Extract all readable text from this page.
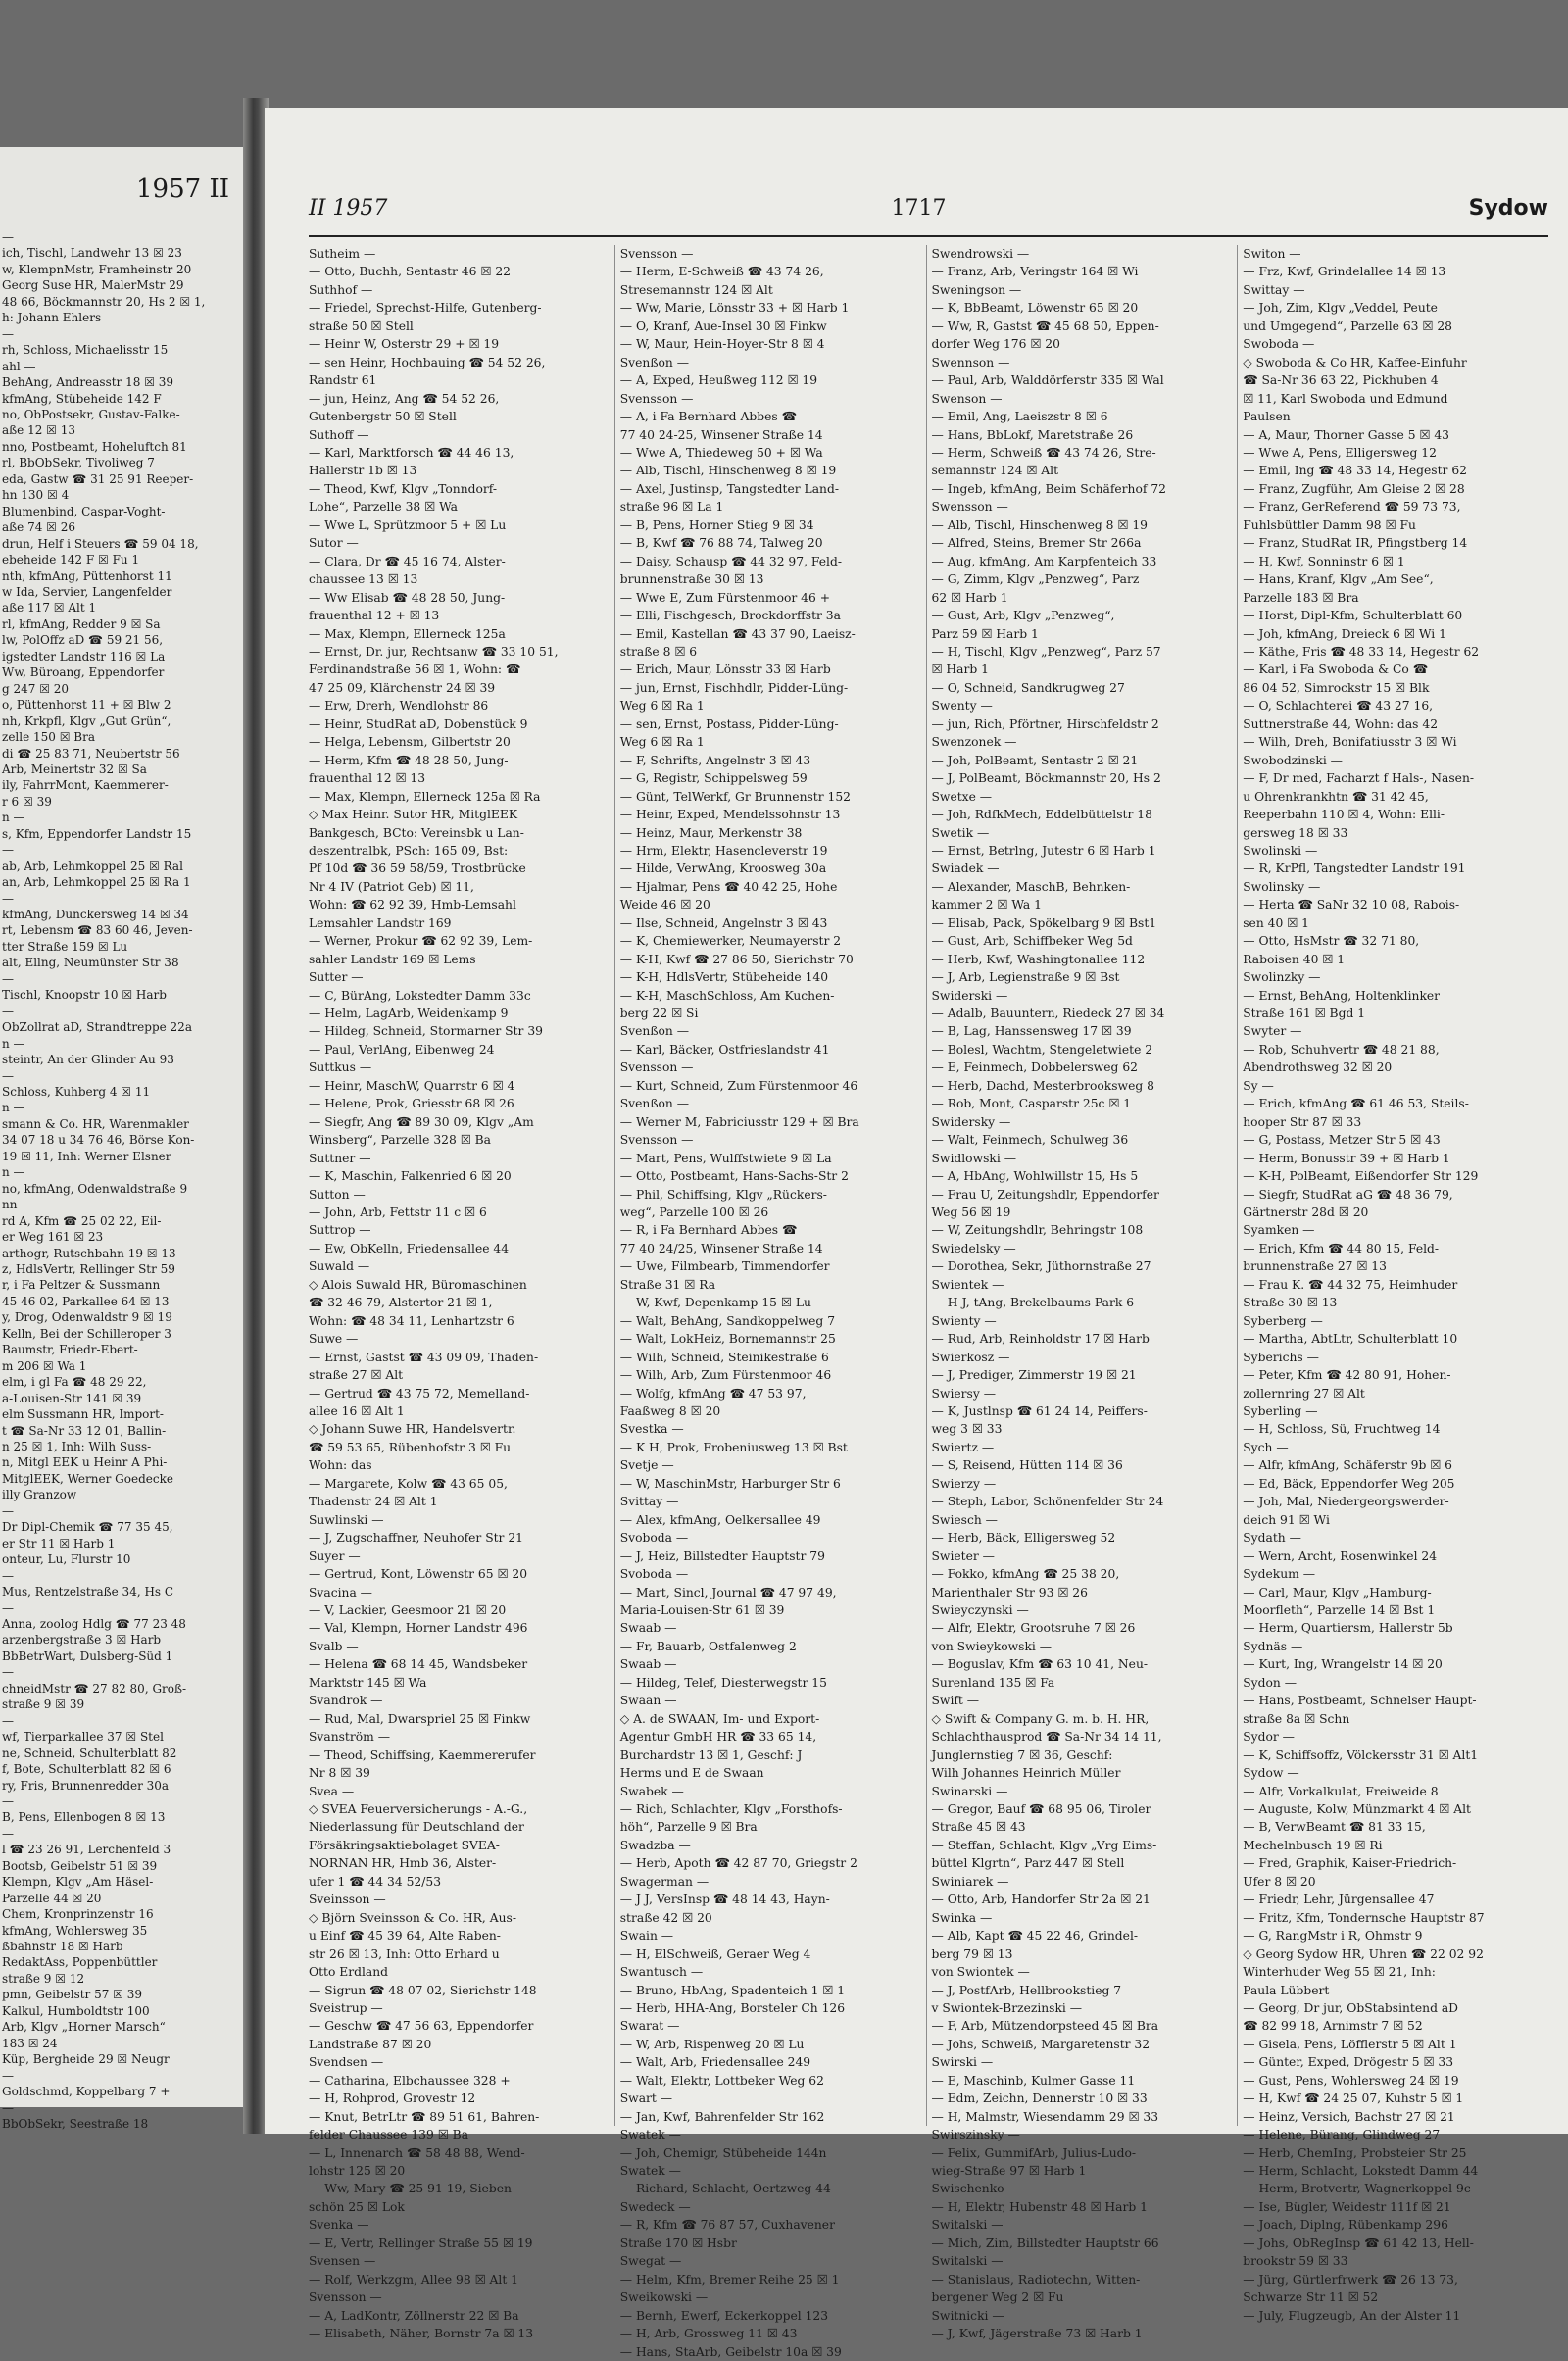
1957 II
—
ich, Tischl, Landwehr 13 ☒ 23
w, KlempnMstr, Framheinstr 20
Georg Suse HR, MalerMstr 29
48 66, Böckmannstr 20, Hs 2 ☒ 1,
h: Johann Ehlers
—
rh, Schloss, Michaelisstr 15
ahl —
BehAng, Andreasstr 18 ☒ 39
kfmAng, Stübeheide 142 F
no, ObPostsekr, Gustav-Falke-
aße 12 ☒ 13
nno, Postbeamt, Hoheluftch 81
rl, BbObSekr, Tivoliweg 7
eda, Gastw ☎ 31 25 91 Reeper-
hn 130 ☒ 4
Blumenbind, Caspar-Voght-
aße 74 ☒ 26
drun, Helf i Steuers ☎ 59 04 18,
ebeheide 142 F ☒ Fu 1
nth, kfmAng, Püttenhorst 11
w Ida, Servier, Langenfelder
aße 117 ☒ Alt 1
rl, kfmAng, Redder 9 ☒ Sa
lw, PolOffz aD ☎ 59 21 56,
igstedter Landstr 116 ☒ La
Ww, Büroang, Eppendorfer
g 247 ☒ 20
o, Püttenhorst 11 + ☒ Blw 2
nh, Krkpfl, Klgv „Gut Grün“,
zelle 150 ☒ Bra
di ☎ 25 83 71, Neubertstr 56
Arb, Meinertstr 32 ☒ Sa
ily, FahrrMont, Kaemmerer-
r 6 ☒ 39
n —
s, Kfm, Eppendorfer Landstr 15
—
ab, Arb, Lehmkoppel 25 ☒ Ral
an, Arb, Lehmkoppel 25 ☒ Ra 1
—
kfmAng, Dunckersweg 14 ☒ 34
rt, Lebensm ☎ 83 60 46, Jeven-
tter Straße 159 ☒ Lu
alt, Ellng, Neumünster Str 38
—
Tischl, Knoopstr 10 ☒ Harb
—
ObZollrat aD, Strandtreppe 22a
n —
steintr, An der Glinder Au 93
—
Schloss, Kuhberg 4 ☒ 11
n —
smann & Co. HR, Warenmakler
34 07 18 u 34 76 46, Börse Kon-
19 ☒ 11, Inh: Werner Elsner
n —
no, kfmAng, Odenwaldstraße 9
nn —
rd A, Kfm ☎ 25 02 22, Eil-
er Weg 161 ☒ 23
arthogr, Rutschbahn 19 ☒ 13
z, HdlsVertr, Rellinger Str 59
r, i Fa Peltzer & Sussmann
45 46 02, Parkallee 64 ☒ 13
y, Drog, Odenwaldstr 9 ☒ 19
Kelln, Bei der Schilleroper 3
Baumstr, Friedr-Ebert-
m 206 ☒ Wa 1
elm, i gl Fa ☎ 48 29 22,
a-Louisen-Str 141 ☒ 39
elm Sussmann HR, Import-
t ☎ Sa-Nr 33 12 01, Ballin-
n 25 ☒ 1, Inh: Wilh Suss-
n, Mitgl EEK u Heinr A Phi-
MitglEEK, Werner Goedecke
illy Granzow
—
Dr Dipl-Chemik ☎ 77 35 45,
er Str 11 ☒ Harb 1
onteur, Lu, Flurstr 10
—
Mus, Rentzelstraße 34, Hs C
—
Anna, zoolog Hdlg ☎ 77 23 48
arzenbergstraße 3 ☒ Harb
BbBetrWart, Dulsberg-Süd 1
—
chneidMstr ☎ 27 82 80, Groß-
straße 9 ☒ 39
—
wf, Tierparkallee 37 ☒ Stel
ne, Schneid, Schulterblatt 82
f, Bote, Schulterblatt 82 ☒ 6
ry, Fris, Brunnenredder 30a
—
B, Pens, Ellenbogen 8 ☒ 13
—
l ☎ 23 26 91, Lerchenfeld 3
Bootsb, Geibelstr 51 ☒ 39
Klempn, Klgv „Am Häsel-
Parzelle 44 ☒ 20
Chem, Kronprinzenstr 16
kfmAng, Wohlersweg 35
ßbahnstr 18 ☒ Harb
RedaktAss, Poppenbüttler
straße 9 ☒ 12
pmn, Geibelstr 57 ☒ 39
Kalkul, Humboldtstr 100
Arb, Klgv „Horner Marsch“
183 ☒ 24
Küp, Bergheide 29 ☒ Neugr
—
Goldschmd, Koppelbarg 7 +
—
BbObSekr, Seestraße 18
II 1957	1717	Sydow
Sutheim —
— Otto, Buchh, Sentastr 46 ☒ 22
Suthhof —
— Friedel, Sprechst-Hilfe, Gutenberg-
straße 50 ☒ Stell
— Heinr W, Osterstr 29 + ☒ 19
— sen Heinr, Hochbauing ☎ 54 52 26,
Randstr 61
— jun, Heinz, Ang ☎ 54 52 26,
Gutenbergstr 50 ☒ Stell
Suthoff —
— Karl, Marktforsch ☎ 44 46 13,
Hallerstr 1b ☒ 13
— Theod, Kwf, Klgv „Tonndorf-
Lohe“, Parzelle 38 ☒ Wa
— Wwe L, Sprützmoor 5 + ☒ Lu
Sutor —
— Clara, Dr ☎ 45 16 74, Alster-
chaussee 13 ☒ 13
— Ww Elisab ☎ 48 28 50, Jung-
frauenthal 12 + ☒ 13
— Max, Klempn, Ellerneck 125a
— Ernst, Dr. jur, Rechtsanw ☎ 33 10 51,
Ferdinandstraße 56 ☒ 1, Wohn: ☎
47 25 09, Klärchenstr 24 ☒ 39
— Erw, Drerh, Wendlohstr 86
— Heinr, StudRat aD, Dobenstück 9
— Helga, Lebensm, Gilbertstr 20
— Herm, Kfm ☎ 48 28 50, Jung-
frauenthal 12 ☒ 13
— Max, Klempn, Ellerneck 125a ☒ Ra
◇ Max Heinr. Sutor HR, MitglEEK
Bankgesch, BCto: Vereinsbk u Lan-
deszentralbk, PSch: 165 09, Bst:
Pf 10d ☎ 36 59 58/59, Trostbrücke
Nr 4 IV (Patriot Geb) ☒ 11,
Wohn: ☎ 62 92 39, Hmb-Lemsahl
Lemsahler Landstr 169
— Werner, Prokur ☎ 62 92 39, Lem-
sahler Landstr 169 ☒ Lems
Sutter —
— C, BürAng, Lokstedter Damm 33c
— Helm, LagArb, Weidenkamp 9
— Hildeg, Schneid, Stormarner Str 39
— Paul, VerlAng, Eibenweg 24
Suttkus —
— Heinr, MaschW, Quarrstr 6 ☒ 4
— Helene, Prok, Griesstr 68 ☒ 26
— Siegfr, Ang ☎ 89 30 09, Klgv „Am
Winsberg“, Parzelle 328 ☒ Ba
Suttner —
— K, Maschin, Falkenried 6 ☒ 20
Sutton —
— John, Arb, Fettstr 11 c ☒ 6
Suttrop —
— Ew, ObKelln, Friedensallee 44
Suwald —
◇ Alois Suwald HR, Büromaschinen
☎ 32 46 79, Alstertor 21 ☒ 1,
Wohn: ☎ 48 34 11, Lenhartzstr 6
Suwe —
— Ernst, Gastst ☎ 43 09 09, Thaden-
straße 27 ☒ Alt
— Gertrud ☎ 43 75 72, Memelland-
allee 16 ☒ Alt 1
◇ Johann Suwe HR, Handelsvertr.
☎ 59 53 65, Rübenhofstr 3 ☒ Fu
Wohn: das
— Margarete, Kolw ☎ 43 65 05,
Thadenstr 24 ☒ Alt 1
Suwlinski —
— J, Zugschaffner, Neuhofer Str 21
Suyer —
— Gertrud, Kont, Löwenstr 65 ☒ 20
Svacina —
— V, Lackier, Geesmoor 21 ☒ 20
— Val, Klempn, Horner Landstr 496
Svalb —
— Helena ☎ 68 14 45, Wandsbeker
Marktstr 145 ☒ Wa
Svandrok —
— Rud, Mal, Dwarspriel 25 ☒ Finkw
Svanström —
— Theod, Schiffsing, Kaemmererufer
Nr 8 ☒ 39
Svea —
◇ SVEA Feuerversicherungs - A.-G.,
Niederlassung für Deutschland der
Försäkringsaktiebolaget SVEA-
NORNAN HR, Hmb 36, Alster-
ufer 1 ☎ 44 34 52/53
Sveinsson —
◇ Björn Sveinsson & Co. HR, Aus-
u Einf ☎ 45 39 64, Alte Raben-
str 26 ☒ 13, Inh: Otto Erhard u
Otto Erdland
— Sigrun ☎ 48 07 02, Sierichstr 148
Sveistrup —
— Geschw ☎ 47 56 63, Eppendorfer
Landstraße 87 ☒ 20
Svendsen —
— Catharina, Elbchaussee 328 +
— H, Rohprod, Grovestr 12
— Knut, BetrLtr ☎ 89 51 61, Bahren-
felder Chaussee 139 ☒ Ba
— L, Innenarch ☎ 58 48 88, Wend-
lohstr 125 ☒ 20
— Ww, Mary ☎ 25 91 19, Sieben-
schön 25 ☒ Lok
Svenka —
— E, Vertr, Rellinger Straße 55 ☒ 19
Svensen —
— Rolf, Werkzgm, Allee 98 ☒ Alt 1
Svensson —
— A, LadKontr, Zöllnerstr 22 ☒ Ba
— Elisabeth, Näher, Bornstr 7a ☒ 13
Svensson —
— Herm, E-Schweiß ☎ 43 74 26,
Stresemannstr 124 ☒ Alt
— Ww, Marie, Lönsstr 33 + ☒ Harb 1
— O, Kranf, Aue-Insel 30 ☒ Finkw
— W, Maur, Hein-Hoyer-Str 8 ☒ 4
Svenßon —
— A, Exped, Heußweg 112 ☒ 19
Svensson —
— A, i Fa Bernhard Abbes ☎
77 40 24-25, Winsener Straße 14
— Wwe A, Thiedeweg 50 + ☒ Wa
— Alb, Tischl, Hinschenweg 8 ☒ 19
— Axel, Justinsp, Tangstedter Land-
straße 96 ☒ La 1
— B, Pens, Horner Stieg 9 ☒ 34
— B, Kwf ☎ 76 88 74, Talweg 20
— Daisy, Schausp ☎ 44 32 97, Feld-
brunnenstraße 30 ☒ 13
— Wwe E, Zum Fürstenmoor 46 +
— Elli, Fischgesch, Brockdorffstr 3a
— Emil, Kastellan ☎ 43 37 90, Laeisz-
straße 8 ☒ 6
— Erich, Maur, Lönsstr 33 ☒ Harb
— jun, Ernst, Fischhdlr, Pidder-Lüng-
Weg 6 ☒ Ra 1
— sen, Ernst, Postass, Pidder-Lüng-
Weg 6 ☒ Ra 1
— F, Schrifts, Angelnstr 3 ☒ 43
— G, Registr, Schippelsweg 59
— Günt, TelWerkf, Gr Brunnenstr 152
— Heinr, Exped, Mendelssohnstr 13
— Heinz, Maur, Merkenstr 38
— Hrm, Elektr, Hasencleverstr 19
— Hilde, VerwAng, Kroosweg 30a
— Hjalmar, Pens ☎ 40 42 25, Hohe
Weide 46 ☒ 20
— Ilse, Schneid, Angelnstr 3 ☒ 43
— K, Chemiewerker, Neumayerstr 2
— K-H, Kwf ☎ 27 86 50, Sierichstr 70
— K-H, HdlsVertr, Stübeheide 140
— K-H, MaschSchloss, Am Kuchen-
berg 22 ☒ Si
Svenßon —
— Karl, Bäcker, Ostfrieslandstr 41
Svensson —
— Kurt, Schneid, Zum Fürstenmoor 46
Svenßon —
— Werner M, Fabriciusstr 129 + ☒ Bra
Svensson —
— Mart, Pens, Wulffstwiete 9 ☒ La
— Otto, Postbeamt, Hans-Sachs-Str 2
— Phil, Schiffsing, Klgv „Rückers-
weg“, Parzelle 100 ☒ 26
— R, i Fa Bernhard Abbes ☎
77 40 24/25, Winsener Straße 14
— Uwe, Filmbearb, Timmendorfer
Straße 31 ☒ Ra
— W, Kwf, Depenkamp 15 ☒ Lu
— Walt, BehAng, Sandkoppelweg 7
— Walt, LokHeiz, Bornemannstr 25
— Wilh, Schneid, Steinikestraße 6
— Wilh, Arb, Zum Fürstenmoor 46
— Wolfg, kfmAng ☎ 47 53 97,
Faaßweg 8 ☒ 20
Svestka —
— K H, Prok, Frobeniusweg 13 ☒ Bst
Svetje —
— W, MaschinMstr, Harburger Str 6
Svittay —
— Alex, kfmAng, Oelkersallee 49
Svoboda —
— J, Heiz, Billstedter Hauptstr 79
Svoboda —
— Mart, Sincl, Journal ☎ 47 97 49,
Maria-Louisen-Str 61 ☒ 39
Swaab —
— Fr, Bauarb, Ostfalenweg 2
Swaab —
— Hildeg, Telef, Diesterwegstr 15
Swaan —
◇ A. de SWAAN, Im- und Export-
Agentur GmbH HR ☎ 33 65 14,
Burchardstr 13 ☒ 1, Geschf: J
Herms und E de Swaan
Swabek —
— Rich, Schlachter, Klgv „Forsthofs-
höh“, Parzelle 9 ☒ Bra
Swadzba —
— Herb, Apoth ☎ 42 87 70, Griegstr 2
Swagerman —
— J J, VersInsp ☎ 48 14 43, Hayn-
straße 42 ☒ 20
Swain —
— H, ElSchweiß, Geraer Weg 4
Swantusch —
— Bruno, HbAng, Spadenteich 1 ☒ 1
— Herb, HHA-Ang, Borsteler Ch 126
Swarat —
— W, Arb, Rispenweg 20 ☒ Lu
— Walt, Arb, Friedensallee 249
— Walt, Elektr, Lottbeker Weg 62
Swart —
— Jan, Kwf, Bahrenfelder Str 162
Swatek —
— Joh, Chemigr, Stübeheide 144n
Swatek —
— Richard, Schlacht, Oertzweg 44
Swedeck —
— R, Kfm ☎ 76 87 57, Cuxhavener
Straße 170 ☒ Hsbr
Swegat —
— Helm, Kfm, Bremer Reihe 25 ☒ 1
Sweikowski —
— Bernh, Ewerf, Eckerkoppel 123
— H, Arb, Grossweg 11 ☒ 43
— Hans, StaArb, Geibelstr 10a ☒ 39
Swendrowski —
— Franz, Arb, Veringstr 164 ☒ Wi
Sweningson —
— K, BbBeamt, Löwenstr 65 ☒ 20
— Ww, R, Gastst ☎ 45 68 50, Eppen-
dorfer Weg 176 ☒ 20
Swennson —
— Paul, Arb, Walddörferstr 335 ☒ Wal
Swenson —
— Emil, Ang, Laeiszstr 8 ☒ 6
— Hans, BbLokf, Maretstraße 26
— Herm, Schweiß ☎ 43 74 26, Stre-
semannstr 124 ☒ Alt
— Ingeb, kfmAng, Beim Schäferhof 72
Swensson —
— Alb, Tischl, Hinschenweg 8 ☒ 19
— Alfred, Steins, Bremer Str 266a
— Aug, kfmAng, Am Karpfenteich 33
— G, Zimm, Klgv „Penzweg“, Parz
62 ☒ Harb 1
— Gust, Arb, Klgv „Penzweg“,
Parz 59 ☒ Harb 1
— H, Tischl, Klgv „Penzweg“, Parz 57
☒ Harb 1
— O, Schneid, Sandkrugweg 27
Swenty —
— jun, Rich, Pförtner, Hirschfeldstr 2
Swenzonek —
— Joh, PolBeamt, Sentastr 2 ☒ 21
— J, PolBeamt, Böckmannstr 20, Hs 2
Swetxe —
— Joh, RdfkMech, Eddelbüttelstr 18
Swetik —
— Ernst, Betrlng, Jutestr 6 ☒ Harb 1
Swiadek —
— Alexander, MaschB, Behnken-
kammer 2 ☒ Wa 1
— Elisab, Pack, Spökelbarg 9 ☒ Bst1
— Gust, Arb, Schiffbeker Weg 5d
— Herb, Kwf, Washingtonallee 112
— J, Arb, Legienstraße 9 ☒ Bst
Swiderski —
— Adalb, Bauuntern, Riedeck 27 ☒ 34
— B, Lag, Hanssensweg 17 ☒ 39
— Bolesl, Wachtm, Stengeletwiete 2
— E, Feinmech, Dobbelersweg 62
— Herb, Dachd, Mesterbrooksweg 8
— Rob, Mont, Casparstr 25c ☒ 1
Swidersky —
— Walt, Feinmech, Schulweg 36
Swidlowski —
— A, HbAng, Wohlwillstr 15, Hs 5
— Frau U, Zeitungshdlr, Eppendorfer
Weg 56 ☒ 19
— W, Zeitungshdlr, Behringstr 108
Swiedelsky —
— Dorothea, Sekr, Jüthornstraße 27
Swientek —
— H-J, tAng, Brekelbaums Park 6
Swienty —
— Rud, Arb, Reinholdstr 17 ☒ Harb
Swierkosz —
— J, Prediger, Zimmerstr 19 ☒ 21
Swiersy —
— K, Justlnsp ☎ 61 24 14, Peiffers-
weg 3 ☒ 33
Swiertz —
— S, Reisend, Hütten 114 ☒ 36
Swierzy —
— Steph, Labor, Schönenfelder Str 24
Swiesch —
— Herb, Bäck, Elligersweg 52
Swieter —
— Fokko, kfmAng ☎ 25 38 20,
Marienthaler Str 93 ☒ 26
Swieyczynski —
— Alfr, Elektr, Grootsruhe 7 ☒ 26
von Swieykowski —
— Boguslav, Kfm ☎ 63 10 41, Neu-
Surenland 135 ☒ Fa
Swift —
◇ Swift & Company G. m. b. H. HR,
Schlachthausprod ☎ Sa-Nr 34 14 11,
Junglernstieg 7 ☒ 36, Geschf:
Wilh Johannes Heinrich Müller
Swinarski —
— Gregor, Bauf ☎ 68 95 06, Tiroler
Straße 45 ☒ 43
— Steffan, Schlacht, Klgv „Vrg Eims-
büttel Klgrtn“, Parz 447 ☒ Stell
Swiniarek —
— Otto, Arb, Handorfer Str 2a ☒ 21
Swinka —
— Alb, Kapt ☎ 45 22 46, Grindel-
berg 79 ☒ 13
von Swiontek —
— J, PostfArb, Hellbrookstieg 7
v Swiontek-Brzezinski —
— F, Arb, Mützendorpsteed 45 ☒ Bra
— Johs, Schweiß, Margaretenstr 32
Swirski —
— E, Maschinb, Kulmer Gasse 11
— Edm, Zeichn, Dennerstr 10 ☒ 33
— H, Malmstr, Wiesendamm 29 ☒ 33
Swirszinsky —
— Felix, GummifArb, Julius-Ludo-
wieg-Straße 97 ☒ Harb 1
Swischenko —
— H, Elektr, Hubenstr 48 ☒ Harb 1
Switalski —
— Mich, Zim, Billstedter Hauptstr 66
Switalski —
— Stanislaus, Radiotechn, Witten-
bergener Weg 2 ☒ Fu
Switnicki —
— J, Kwf, Jägerstraße 73 ☒ Harb 1
Switon —
— Frz, Kwf, Grindelallee 14 ☒ 13
Swittay —
— Joh, Zim, Klgv „Veddel, Peute
und Umgegend“, Parzelle 63 ☒ 28
Swoboda —
◇ Swoboda & Co HR, Kaffee-Einfuhr
☎ Sa-Nr 36 63 22, Pickhuben 4
☒ 11, Karl Swoboda und Edmund
Paulsen
— A, Maur, Thorner Gasse 5 ☒ 43
— Wwe A, Pens, Elligersweg 12
— Emil, Ing ☎ 48 33 14, Hegestr 62
— Franz, Zugführ, Am Gleise 2 ☒ 28
— Franz, GerReferend ☎ 59 73 73,
Fuhlsbüttler Damm 98 ☒ Fu
— Franz, StudRat IR, Pfingstberg 14
— H, Kwf, Sonninstr 6 ☒ 1
— Hans, Kranf, Klgv „Am See“,
Parzelle 183 ☒ Bra
— Horst, Dipl-Kfm, Schulterblatt 60
— Joh, kfmAng, Dreieck 6 ☒ Wi 1
— Käthe, Fris ☎ 48 33 14, Hegestr 62
— Karl, i Fa Swoboda & Co ☎
86 04 52, Simrockstr 15 ☒ Blk
— O, Schlachterei ☎ 43 27 16,
Suttnerstraße 44, Wohn: das 42
— Wilh, Dreh, Bonifatiusstr 3 ☒ Wi
Swobodzinski —
— F, Dr med, Facharzt f Hals-, Nasen-
u Ohrenkrankhtn ☎ 31 42 45,
Reeperbahn 110 ☒ 4, Wohn: Elli-
gersweg 18 ☒ 33
Swolinski —
— R, KrPfl, Tangstedter Landstr 191
Swolinsky —
— Herta ☎ SaNr 32 10 08, Rabois-
sen 40 ☒ 1
— Otto, HsMstr ☎ 32 71 80,
Raboisen 40 ☒ 1
Swolinzky —
— Ernst, BehAng, Holtenklinker
Straße 161 ☒ Bgd 1
Swyter —
— Rob, Schuhvertr ☎ 48 21 88,
Abendrothsweg 32 ☒ 20
Sy —
— Erich, kfmAng ☎ 61 46 53, Steils-
hooper Str 87 ☒ 33
— G, Postass, Metzer Str 5 ☒ 43
— Herm, Bonusstr 39 + ☒ Harb 1
— K-H, PolBeamt, Eißendorfer Str 129
— Siegfr, StudRat aG ☎ 48 36 79,
Gärtnerstr 28d ☒ 20
Syamken —
— Erich, Kfm ☎ 44 80 15, Feld-
brunnenstraße 27 ☒ 13
— Frau K. ☎ 44 32 75, Heimhuder
Straße 30 ☒ 13
Syberberg —
— Martha, AbtLtr, Schulterblatt 10
Syberichs —
— Peter, Kfm ☎ 42 80 91, Hohen-
zollernring 27 ☒ Alt
Syberling —
— H, Schloss, Sü, Fruchtweg 14
Sych —
— Alfr, kfmAng, Schäferstr 9b ☒ 6
— Ed, Bäck, Eppendorfer Weg 205
— Joh, Mal, Niedergeorgswerder-
deich 91 ☒ Wi
Sydath —
— Wern, Archt, Rosenwinkel 24
Sydekum —
— Carl, Maur, Klgv „Hamburg-
Moorfleth“, Parzelle 14 ☒ Bst 1
— Herm, Quartiersm, Hallerstr 5b
Sydnäs —
— Kurt, Ing, Wrangelstr 14 ☒ 20
Sydon —
— Hans, Postbeamt, Schnelser Haupt-
straße 8a ☒ Schn
Sydor —
— K, Schiffsoffz, Völckersstr 31 ☒ Alt1
Sydow —
— Alfr, Vorkalkulat, Freiweide 8
— Auguste, Kolw, Münzmarkt 4 ☒ Alt
— B, VerwBeamt ☎ 81 33 15,
Mechelnbusch 19 ☒ Ri
— Fred, Graphik, Kaiser-Friedrich-
Ufer 8 ☒ 20
— Friedr, Lehr, Jürgensallee 47
— Fritz, Kfm, Tondernsche Hauptstr 87
— G, RangMstr i R, Ohmstr 9
◇ Georg Sydow HR, Uhren ☎ 22 02 92
Winterhuder Weg 55 ☒ 21, Inh:
Paula Lübbert
— Georg, Dr jur, ObStabsintend aD
☎ 82 99 18, Arnimstr 7 ☒ 52
— Gisela, Pens, Löfflerstr 5 ☒ Alt 1
— Günter, Exped, Drögestr 5 ☒ 33
— Gust, Pens, Wohlersweg 24 ☒ 19
— H, Kwf ☎ 24 25 07, Kuhstr 5 ☒ 1
— Heinz, Versich, Bachstr 27 ☒ 21
— Helene, Bürang, Glindweg 27
— Herb, ChemIng, Probsteier Str 25
— Herm, Schlacht, Lokstedt Damm 44
— Herm, Brotvertr, Wagnerkoppel 9c
— Ise, Bügler, Weidestr 111f ☒ 21
— Joach, Diplng, Rübenkamp 296
— Johs, ObRegInsp ☎ 61 42 13, Hell-
brookstr 59 ☒ 33
— Jürg, Gürtlerfrwerk ☎ 26 13 73,
Schwarze Str 11 ☒ 52
— July, Flugzeugb, An der Alster 11
